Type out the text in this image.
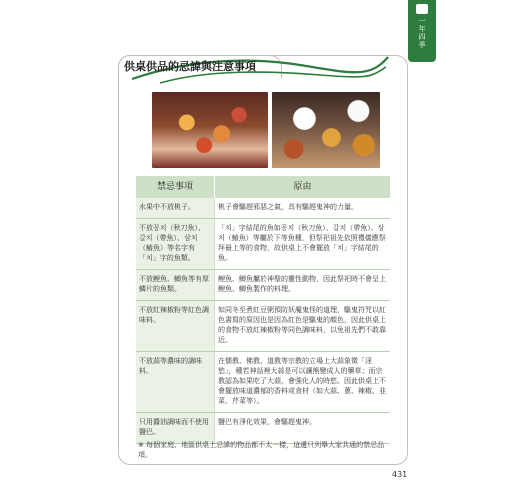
一年四季
供桌供品的忌諱與注意事項
禁忌事項	原由
水果中不放桃子。	桃子會驅趕邪惡之氣，具有驅趕鬼神的力量。
不放꽁치（秋刀魚）、갈치（帶魚）、삼치（鰆魚）等名字有「치」字的魚類。	「치」字結尾的魚如꽁치（秋刀魚）、갈치（帶魚）、삼치（鰆魚）等屬於下等魚種，但祭祀祖先依照禮儀應祭拜最上等的食物，故供桌上不會擺放「치」字結尾的魚。
不放鯉魚、鯽魚等有厚鱗片的魚類。	鯉魚、鯽魚屬於神聖的靈性動物，因此祭祀時不會呈上鯉魚、鯽魚製作的料理。
不放紅辣椒粉等紅色調味料。	如同冬至煮紅豆粥預防妖魔鬼怪的道理，驅鬼符咒以紅色書寫的原因也是因為紅色是驅鬼的顏色，因此供桌上的食物不放紅辣椒粉等同色調味料，以免祖先們不敢靠近。
不放蒜等濃味的調味料。	在儒教、佛教、道教等宗教的立場上大蒜象徵「淫慾」，種若神話裡大蒜是可以讓熊變成人的藥草；而宗教認為如果吃了大蒜，會強化人的時慾。因此供桌上不會擺放味道濃郁的香料或食材（如大蒜、蔥、辣椒、韭菜、芹菜等）。
只用醬油調味而不使用鹽巴。	鹽巴有淨化效果，會驅趕鬼神。
※ 每個家庭、地區供桌上忌諱的物品都不太一樣，這邊只列舉大家共通的禁忌品項。
431
